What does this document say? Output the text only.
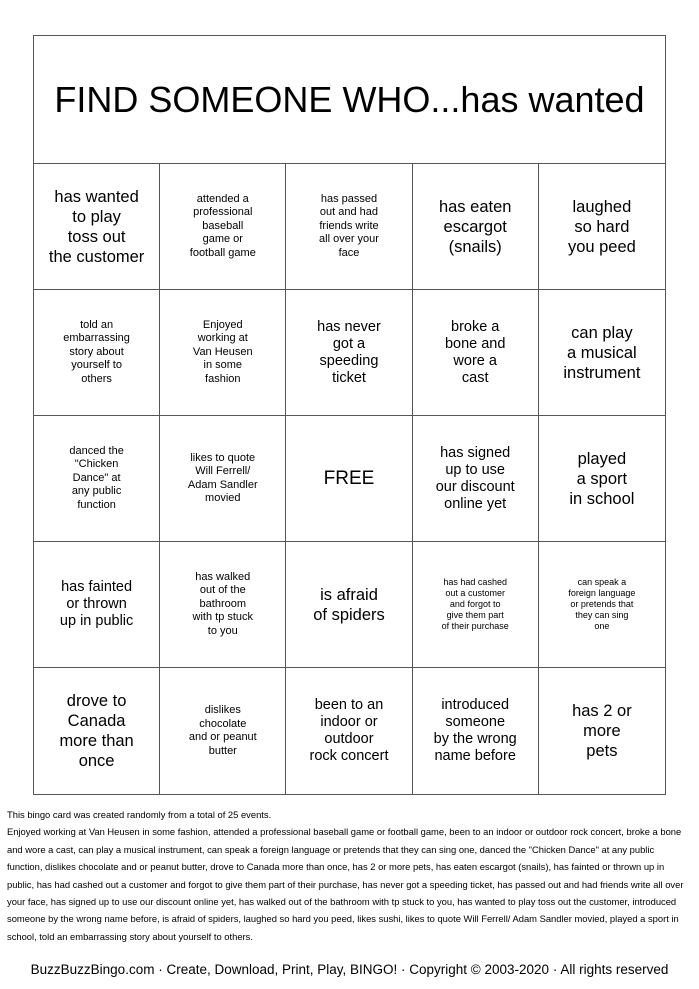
FIND SOMEONE WHO...has wanted
has wanted
to play
toss out
the customer
attended a
professional
baseball
game or
football game
has passed
out and had
friends write
all over your
face
has eaten
escargot
(snails)
laughed
so hard
you peed
told an
embarrassing
story about
yourself to
others
Enjoyed
working at
Van Heusen
in some
fashion
has never
got a
speeding
ticket
broke a
bone and
wore a
cast
can play
a musical
instrument
danced the
"Chicken
Dance" at
any public
function
likes to quote
Will Ferrell/
Adam Sandler
movied
FREE
has signed
up to use
our discount
online yet
played
a sport
in school
has fainted
or thrown
up in public
has walked
out of the
bathroom
with tp stuck
to you
is afraid
of spiders
has had cashed
out a customer
and forgot to
give them part
of their purchase
can speak a
foreign language
or pretends that
they can sing
one
drove to
Canada
more than
once
dislikes
chocolate
and or peanut
butter
been to an
indoor or
outdoor
rock concert
introduced
someone
by the wrong
name before
has 2 or
more
pets

This bingo card was created randomly from a total of 25 events.

Enjoyed working at Van Heusen in some fashion, attended a professional baseball game or football game, been to an indoor or outdoor rock concert, broke a bone and wore a cast, can play a musical instrument, can speak a foreign language or pretends that they can sing one, danced the "Chicken Dance" at any public function, dislikes chocolate and or peanut butter, drove to Canada more than once, has 2 or more pets, has eaten escargot (snails), has fainted or thrown up in public, has had cashed out a customer and forgot to give them part of their purchase, has never got a speeding ticket, has passed out and had friends write all over your face, has signed up to use our discount online yet, has walked out of the bathroom with tp stuck to you, has wanted to play toss out the customer, introduced someone by the wrong name before, is afraid of spiders, laughed so hard you peed, likes sushi, likes to quote Will Ferrell/ Adam Sandler movied, played a sport in school, told an embarrassing story about yourself to others.

BuzzBuzzBingo.com · Create, Download, Print, Play, BINGO! · Copyright © 2003-2020 · All rights reserved
